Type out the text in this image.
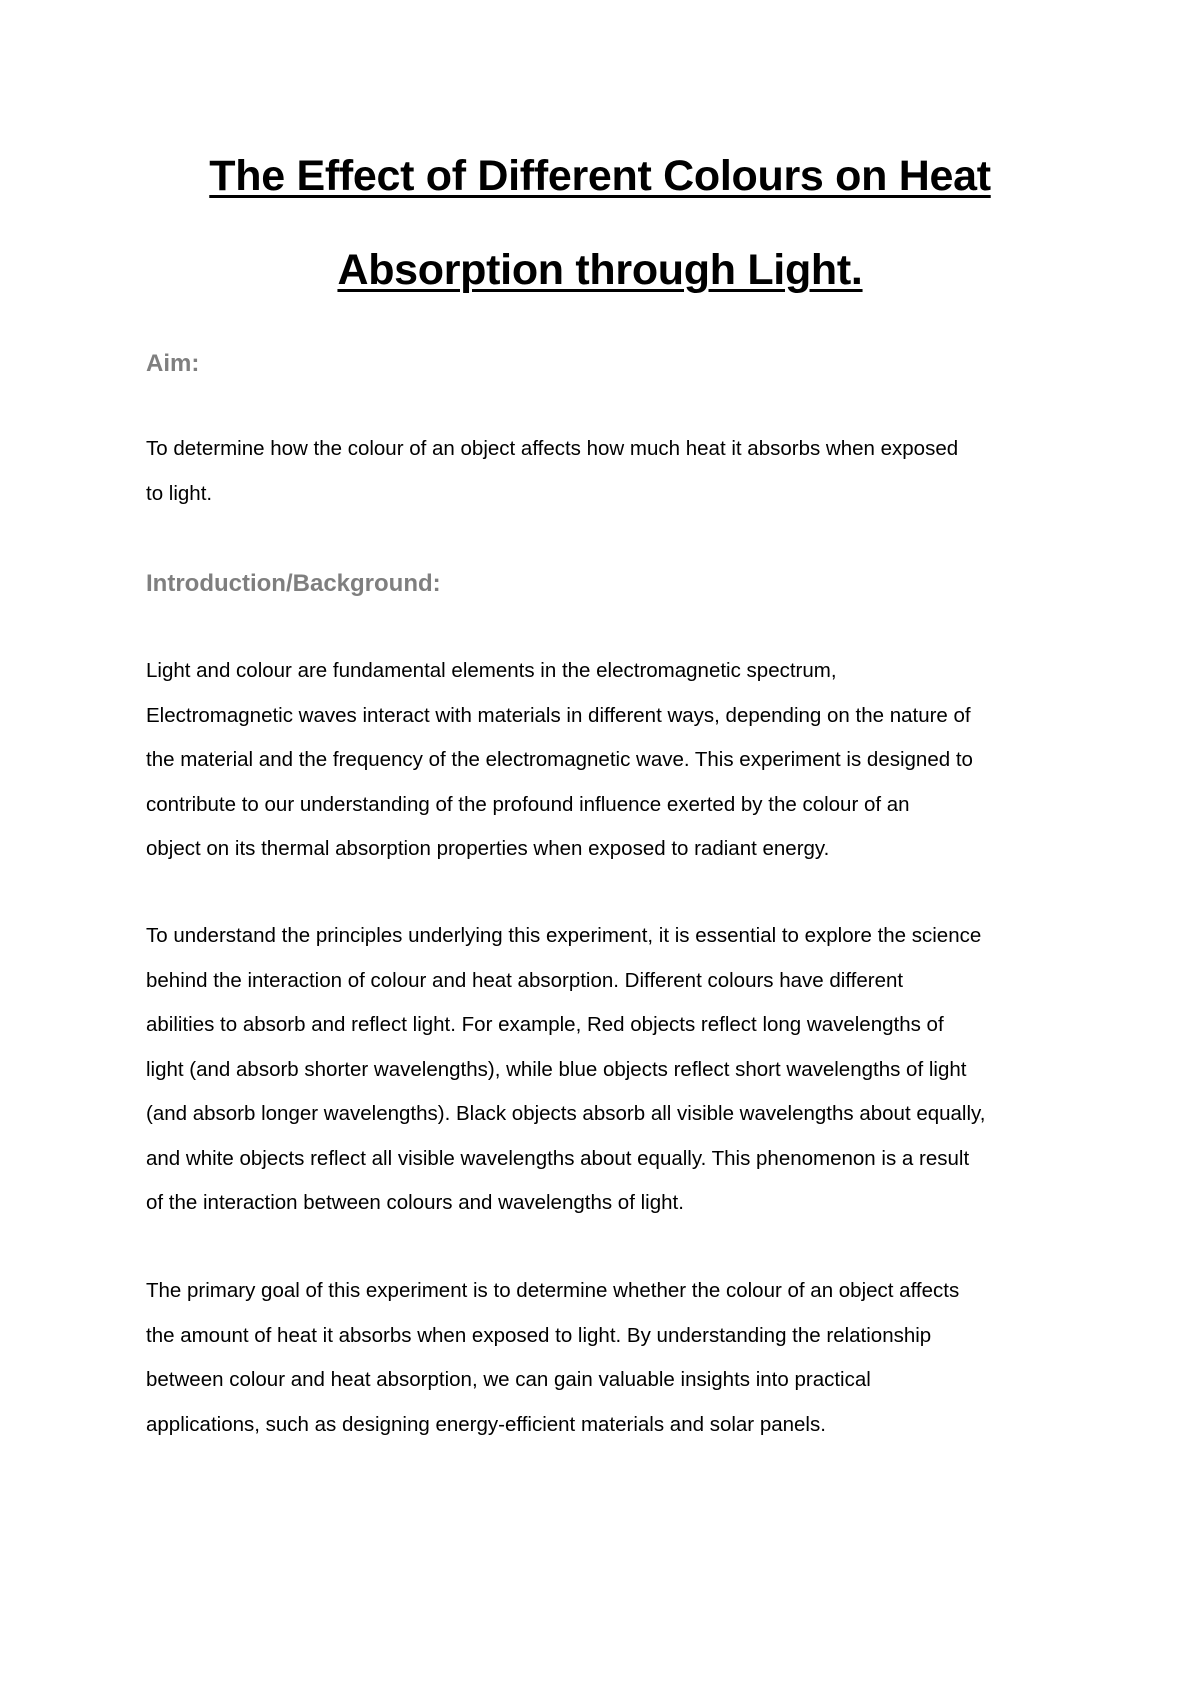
The Effect of Different Colours on Heat
Absorption through Light.
Aim:

To determine how the colour of an object affects how much heat it absorbs when exposed
to light.

Introduction/Background:

Light and colour are fundamental elements in the electromagnetic spectrum,
Electromagnetic waves interact with materials in different ways, depending on the nature of
the material and the frequency of the electromagnetic wave. This experiment is designed to
contribute to our understanding of the profound influence exerted by the colour of an
object on its thermal absorption properties when exposed to radiant energy.

To understand the principles underlying this experiment, it is essential to explore the science
behind the interaction of colour and heat absorption. Different colours have different
abilities to absorb and reflect light. For example, Red objects reflect long wavelengths of
light (and absorb shorter wavelengths), while blue objects reflect short wavelengths of light
(and absorb longer wavelengths). Black objects absorb all visible wavelengths about equally,
and white objects reflect all visible wavelengths about equally. This phenomenon is a result
of the interaction between colours and wavelengths of light.

The primary goal of this experiment is to determine whether the colour of an object affects
the amount of heat it absorbs when exposed to light. By understanding the relationship
between colour and heat absorption, we can gain valuable insights into practical
applications, such as designing energy-efficient materials and solar panels.
